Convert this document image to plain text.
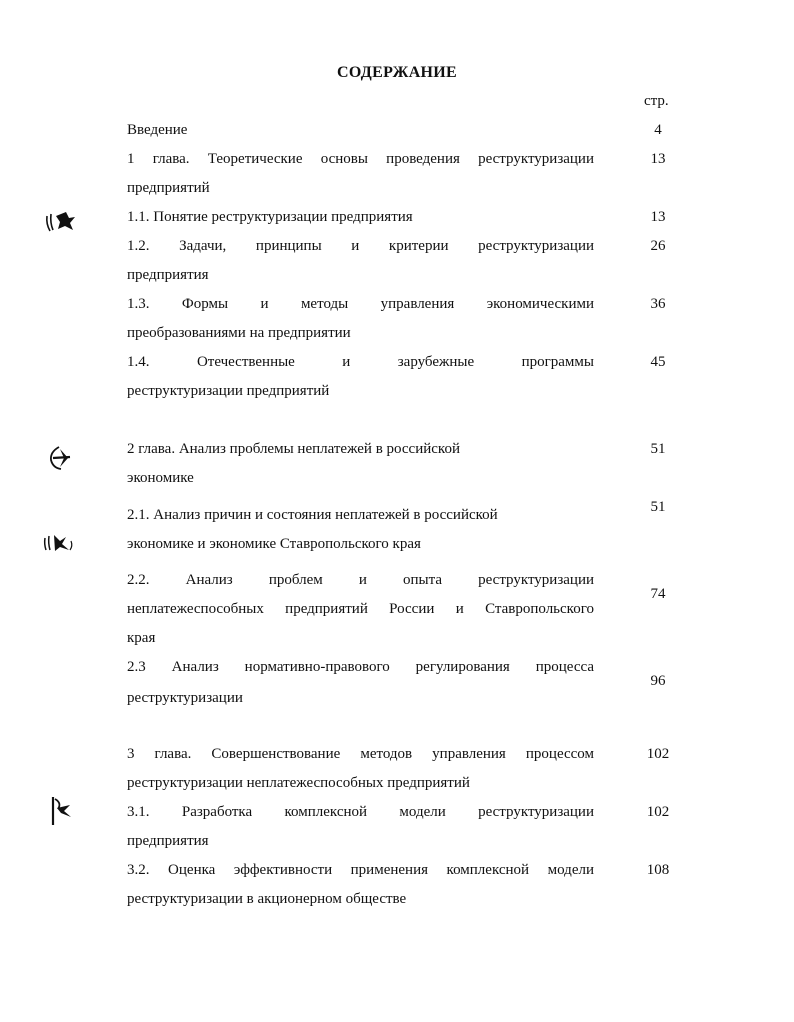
СОДЕРЖАНИЕ
стр.
Введение	4
1 глава. Теоретические основы проведения реструктуризации
предприятий
13
1.1. Понятие реструктуризации предприятия	13
1.2. Задачи, принципы и критерии реструктуризации
предприятия
26
1.3. Формы и методы управления экономическими
преобразованиями на предприятии
36
1.4. Отечественные и зарубежные программы
реструктуризации предприятий
45
2 глава. Анализ проблемы неплатежей в российской
экономике
51
2.1. Анализ причин и состояния неплатежей в российской
экономике и экономике Ставропольского края
51
2.2. Анализ проблем и опыта реструктуризации
неплатежеспособных предприятий России и Ставропольского
края
74
2.3 Анализ нормативно-правового регулирования процесса
реструктуризации
96
3 глава. Совершенствование методов управления процессом
реструктуризации неплатежеспособных предприятий
102
3.1. Разработка комплексной модели реструктуризации
предприятия
102
3.2. Оценка эффективности применения комплексной модели
реструктуризации в акционерном обществе
108
